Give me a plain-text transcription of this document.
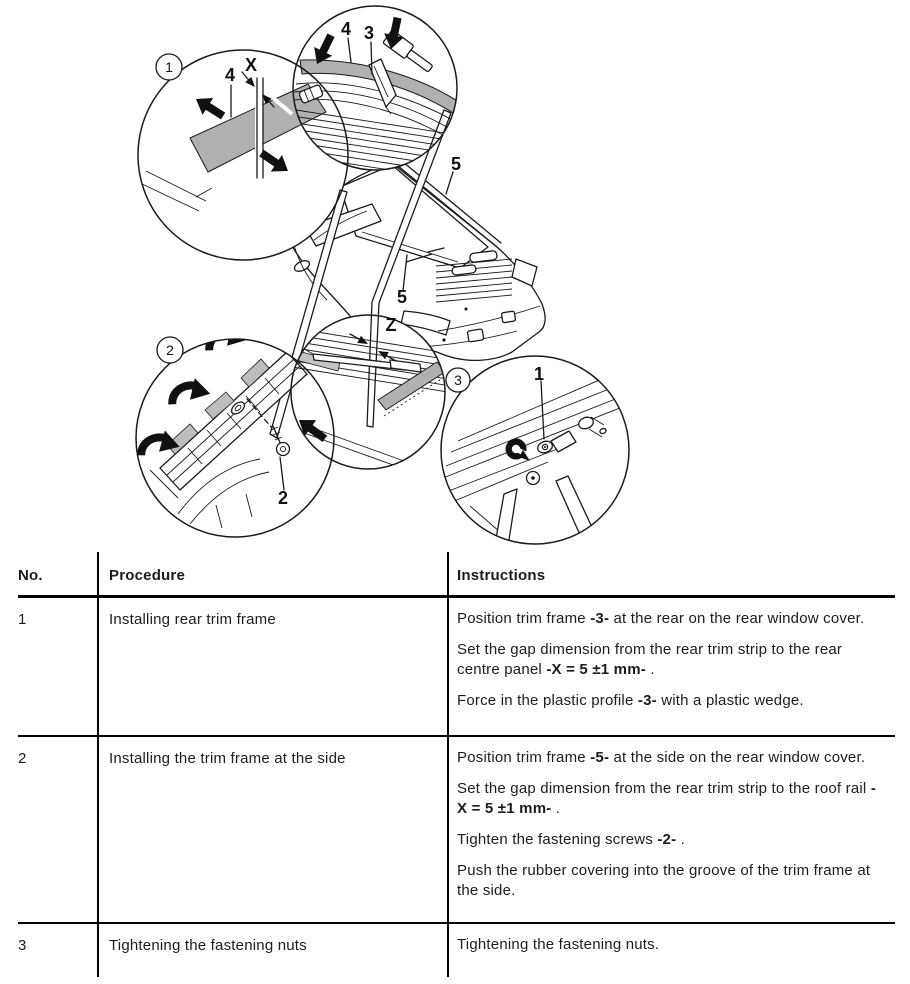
1
2
3
4 X
4 3
5
5
Z
2
1
No.	Procedure	Instructions
1	Installing rear trim frame	Position trim frame -3- at the rear on the rear window cover.

Set the gap dimension from the rear trim strip to the rear centre panel -X = 5 ±1 mm- .

Force in the plastic profile -3- with a plastic wedge.

2	Installing the trim frame at the side	Position trim frame -5- at the side on the rear window cover.

Set the gap dimension from the rear trim strip to the roof rail -X = 5 ±1 mm- .

Tighten the fastening screws -2- .

Push the rubber covering into the groove of the trim frame at the side.

3	Tightening the fastening nuts	Tightening the fastening nuts.
